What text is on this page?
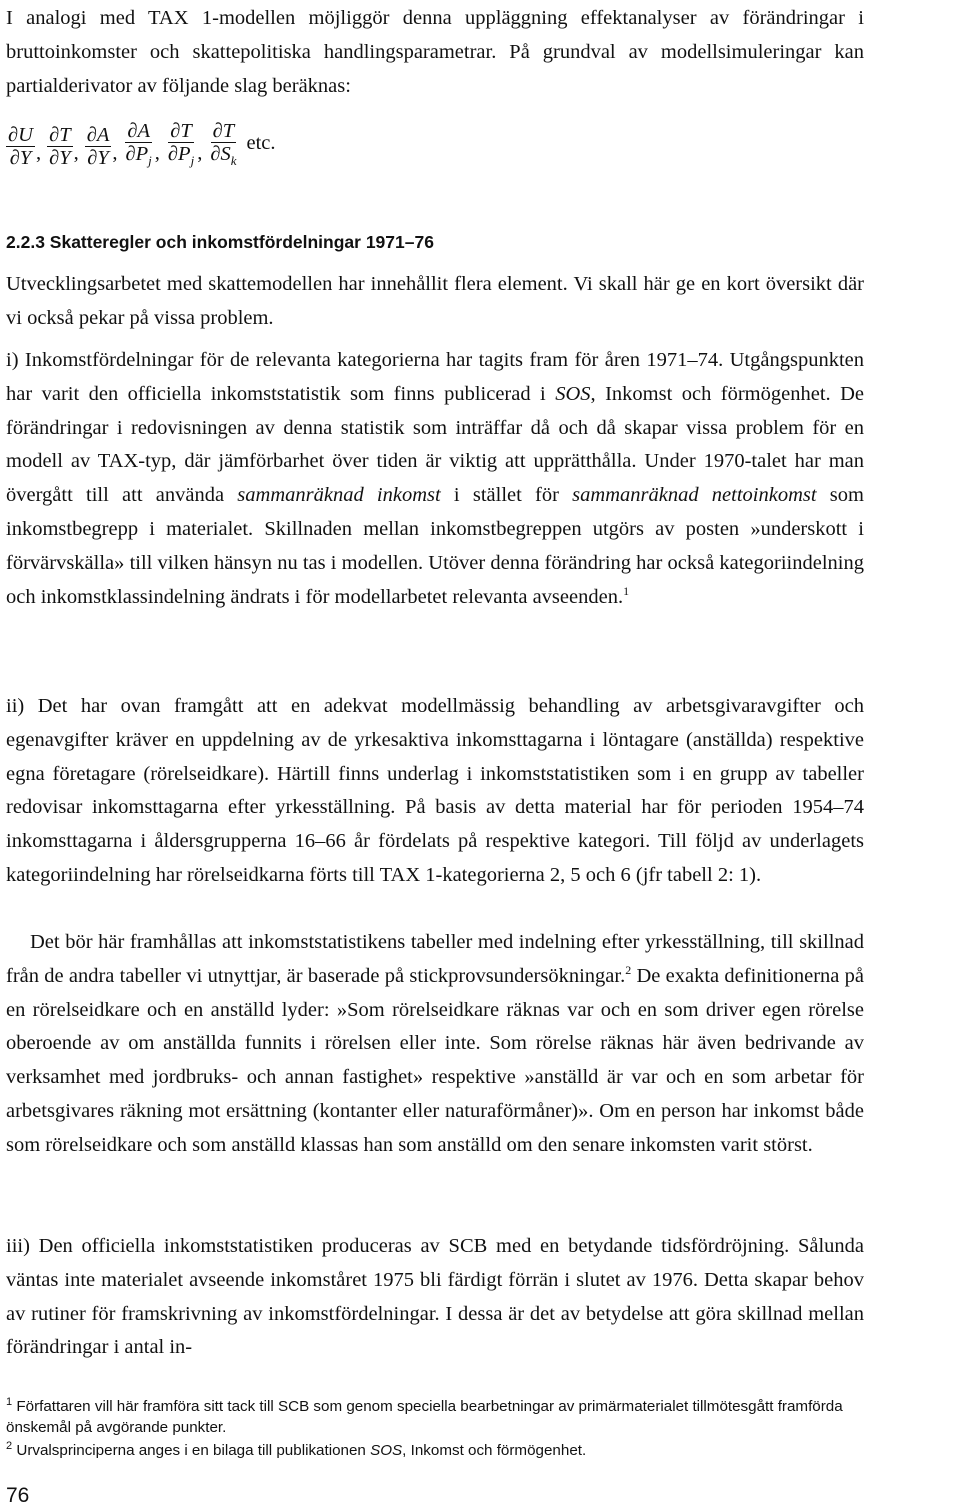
I analogi med TAX 1-modellen möjliggör denna uppläggning effektanalyser av förändringar i bruttoinkomster och skattepolitiska handlingsparametrar. På grundval av modellsimuleringar kan partialderivator av följande slag beräknas:

$\frac{\partial U}{\partial Y}$ , $\frac{\partial T}{\partial Y}$ , $\frac{\partial A}{\partial Y}$ , $\frac{\partial A}{\partial P_j}$ , $\frac{\partial T}{\partial P_j}$ , $\frac{\partial T}{\partial S_k}$ etc.
2.2.3 Skatteregler och inkomstfördelningar 1971–76

Utvecklingsarbetet med skattemodellen har innehållit flera element. Vi skall här ge en kort översikt där vi också pekar på vissa problem.

i) Inkomstfördelningar för de relevanta kategorierna har tagits fram för åren 1971–74. Utgångspunkten har varit den officiella inkomststatistik som finns publicerad i SOS, Inkomst och förmögenhet. De förändringar i redovisningen av denna statistik som inträffar då och då skapar vissa problem för en modell av TAX-typ, där jämförbarhet över tiden är viktig att upprätthålla. Under 1970-talet har man övergått till att använda sammanräknad inkomst i stället för sammanräknad nettoinkomst som inkomstbegrepp i materialet. Skillnaden mellan inkomstbegreppen utgörs av posten »underskott i förvärvskälla» till vilken hänsyn nu tas i modellen. Utöver denna förändring har också kategoriindelning och inkomstklassindelning ändrats i för modellarbetet relevanta avseenden.$^1$

ii) Det har ovan framgått att en adekvat modellmässig behandling av arbetsgivaravgifter och egenavgifter kräver en uppdelning av de yrkesaktiva inkomsttagarna i löntagare (anställda) respektive egna företagare (rörelseidkare). Härtill finns underlag i inkomststatistiken som i en grupp av tabeller redovisar inkomsttagarna efter yrkesställning. På basis av detta material har för perioden 1954–74 inkomsttagarna i åldersgrupperna 16–66 år fördelats på respektive kategori. Till följd av underlagets kategoriindelning har rörelseidkarna förts till TAX 1-kategorierna 2, 5 och 6 (jfr tabell 2: 1).

Det bör här framhållas att inkomststatistikens tabeller med indelning efter yrkesställning, till skillnad från de andra tabeller vi utnyttjar, är baserade på stickprovsundersökningar.$^2$ De exakta definitionerna på en rörelseidkare och en anställd lyder: »Som rörelseidkare räknas var och en som driver egen rörelse oberoende av om anställda funnits i rörelsen eller inte. Som rörelse räknas här även bedrivande av verksamhet med jordbruks- och annan fastighet» respektive »anställd är var och en som arbetar för arbetsgivares räkning mot ersättning (kontanter eller naturaförmåner)». Om en person har inkomst både som rörelseidkare och som anställd klassas han som anställd om den senare inkomsten varit störst.

iii) Den officiella inkomststatistiken produceras av SCB med en betydande tidsfördröjning. Sålunda väntas inte materialet avseende inkomståret 1975 bli färdigt förrän i slutet av 1976. Detta skapar behov av rutiner för framskrivning av inkomstfördelningar. I dessa är det av betydelse att göra skillnad mellan förändringar i antal in-

$^1$ Författaren vill här framföra sitt tack till SCB som genom speciella bearbetningar av primärmaterialet tillmötesgått framförda önskemål på avgörande punkter.

$^2$ Urvalsprinciperna anges i en bilaga till publikationen SOS, Inkomst och förmögenhet.

76
